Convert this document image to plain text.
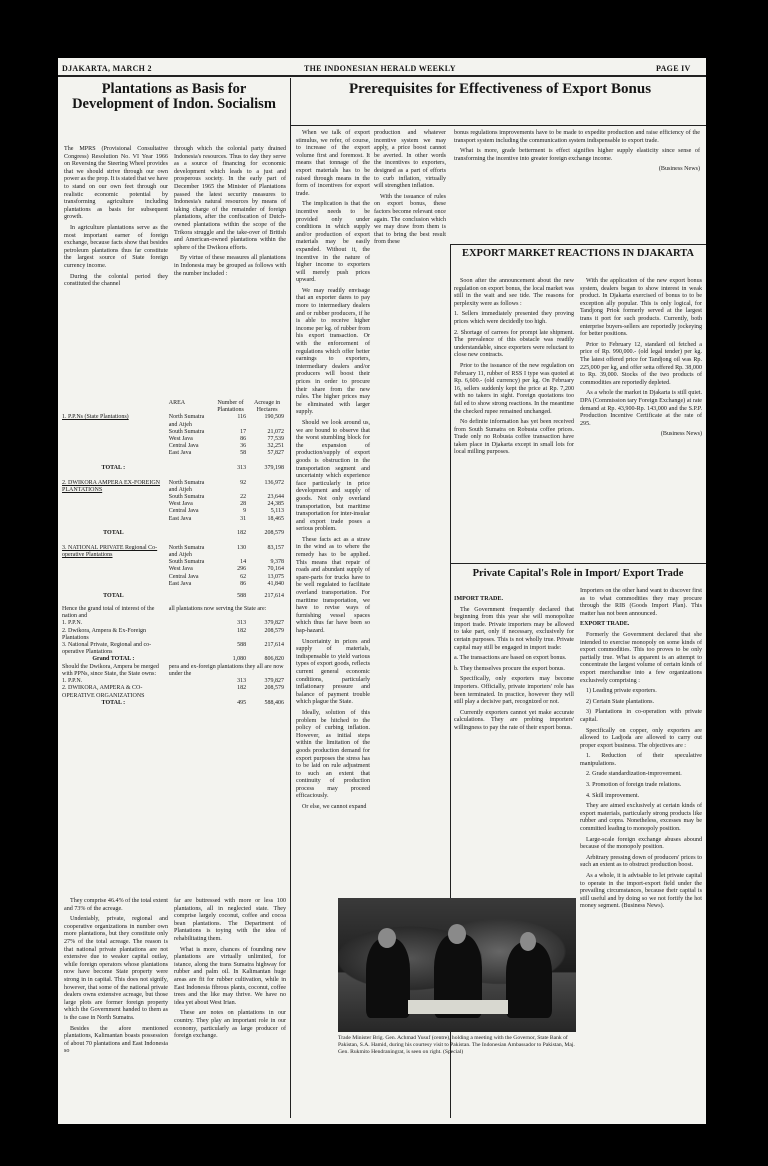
DJAKARTA, MARCH 2	THE INDONESIAN HERALD WEEKLY	PAGE IV
Plantations as Basis for Development of Indon. Socialism

The MPRS (Provisional Consultative Congress) Resolution No. VI Year 1966 on Reversing the Steering Wheel provides that we should strive through our own power as the prop. It is stated that we have to stand on our own feet through our realistic economic potential by transforming agriculture including plantations as basis for subsequent growth.

In agriculture plantations serve as the most important earner of foreign exchange, because facts show that besides petroleum plantations thus far constitute the largest source of State foreign currency income.

During the colonial period they constituted the channel

through which the colonial party drained Indonesia's resources. Thus to day they serve as a source of financing for economic development which leads to a just and prosperous society. In the early part of December 1965 the Minister of Plantations passed the latest security measures to Indonesia's natural resources by means of taking charge of the remainder of foreign plantations, after the confiscation of Dutch-owned plantations within the scope of the Trikora struggle and the take-over of British and American-owned plantations within the sphere of the Dwikora efforts.

By virtue of these measures all plantations in Indonesia may be grouped as follows with the number included :

	AREA	Number of Plantations	Acreage in Hectares
1. P.P.Ns (State Plantations)	North Sumatra and Atjeh	116	190,509
	South Sumatra	17	21,072
	West Java	86	77,539
	Central Java	36	32,251
	East Java	58	57,827
TOTAL :		313	379,198
2. DWIKORA AMPERA EX-FOREIGN PLANTATIONS	North Sumatra and Atjeh	92	136,972
	South Sumatra	22	23,644
	West Java	28	24,385
	Central Java	9	5,113
	East Java	31	18,465
TOTAL		182	208,579
3. NATIONAL PRIVATE Regional Co-operative Plantations	North Sumatra and Atjeh	130	83,157
	South Sumatra	14	9,378
	West Java	296	70,164
	Central Java	62	13,075
	East Java	86	41,840
TOTAL		588	217,614
Hence the grand total of interest of the nation and	all plantations now serving the State are:		
1. P.P.N.		313	379,827
2. Dwikora, Ampera & Ex-Foreign Plantations		182	208,579
3. National Private, Regional and co-operative Plantations		588	217,614
Grand TOTAL :		1,080	806,820
Should the Dwikora, Ampera be merged with PPNs, since State, the State owns:	pera and ex-foreign plantations they all are now under the		
1. P.P.N.		313	379,827
2. DWIKORA, AMPERA & CO-OPERATIVE ORGANIZATIONS		182	208,579
TOTAL :		495	588,406

They comprise 46.4% of the total extent and 73% of the acreage.

Undeniably, private, regional and cooperative organizations in number own more plantations, but they constitute only 27% of the total acreage. The reason is that national private plantations are not extensive due to weaker capital outlay, while foreign operators whose plantations now have become State property were strong in in capital. This does not signify, however, that some of the national private dealers owns extensive acreage, but those large plots are former foreign property which the Government handed to them as is the case in North Sumatra.

Besides the afore mentioned plantations, Kalimantan boasts possession of about 70 plantations and East Indonesia so

far are buttressed with more or less 100 plantations, all in neglected state. They comprise largely coconut, coffee and cocoa bean plantations. The Department of Plantations is toying with the idea of rehabilitating them.

What is more, chances of founding new plantations are virtually unlimited, for istance, along the trans Sumatra highway for rubber and palm oil. In Kalimantan huge areas are fit for rubber cultivation, while in East Indonesia fibrous plants, coconut, coffee trees and the like may thrive. We have no idea yet about West Irian.

These are notes on plantations in our country. They play an important role in our economy, particularly as large producer of foreign exchange.

Prerequisites for Effectiveness of Export Bonus

When we talk of export stimulus, we refer, of course, to increase of the export volume first and foremost. It means that tonnage of the export materials has to be raised through means in the form of incentives for export trade.

The implication is that the incentive needs to be provided only under conditions in which supply and/or production of export materials may be easily expanded. Without it, the incentive in the nature of higher income to exporters will merely push prices upward.

We may readily envisage that an exporter dares to pay more to intermediary dealers and or rubber producers, if he is able to receive higher income per kg. of rubber from his export transaction. Or with the enforcement of regulations which offer better earnings to exporters, intermediary dealers and/or producers will boost their prices in order to procure their share from the new rules. The higher prices may be eliminated with larger supply.

Should we look around us, we are bound to observe that the worst stumbling block for the expansion of production/supply of export goods is obstruction in the transportation segment and uncertainty which experience face particularly in price development and supply of goods. Not only overland transportation, but maritime transportation for inter-insular and export trade poses a serious problem.

These facts act as a straw in the wind as to where the remedy has to be applied. This means that repair of roads and abundant supply of spare-parts for trucks have to be well regulated to facilitate overland transportation. For maritime transportation, we have to revise ways of furnishing vessel spaces which thus far have been so hap-hazard.

Uncertainty in prices and supply of materials, indispensable to yield various types of export goods, reflects current general economic conditions, particularly inflationary pressure and balance of payment trouble which plague the State.

Ideally, solution of this problem be hitched to the policy of curbing inflation. However, as initial steps within the limitation of the goods production demand for export purposes the stress has to be laid on rule adjustment to such an extent that continuity of production process may proceed efficaciously.

Or else, we cannot expand

production and whatever incentive system we may apply, a price boost cannot be averted. In other words the incentives to exporters, designed as a part of efforts to curb inflation, virtually will strengthen inflation.

With the issuance of rules on export bonus, these factors become relevant once again. The conclusion which we may draw from them is that to bring the best result from these

bonus regulations improvements have to be made to expedite production and raise efficiency of the transport system including the communication system indispensable to export trade.

What is more, grade betterment is effect signifies higher supply elasticity since sense of transforming the incentive into greater foreign exchange income.

(Business News)

EXPORT MARKET REACTIONS IN DJAKARTA

Soon after the announcement about the new regulation on export bonus, the local market was still in the wait and see tide. The reasons for perplexity were as follows :

1. Sellers immediately presented they proving prices which were decidedly too high.

2. Shortage of carrees for prompt late shipment. The prevalence of this obstacle was readily understandable, since exporters were reluctant to close new contracts.

Prior to the issuance of the new regulation on February 11, rubber of RSS I type was quoted at Rp. 6,600.- (old currency) per kg. On February 16, sellers suddenly kept the price at Rp. 7,200 with no takers in sight. Foreign quotations too fail ed to show strong reactions. In the meantime the checked rupee remained unchanged.

No definite information has yet been received from South Sumatra on Robusta coffee prices. Trade only no Robusta coffee transaction have taken place in Djakarta except in small lots for local milling purposes.

With the application of the new export bonus system, dealers began to show interest in weak product. In Djakarta exercised of bonus to to be exception ally popular. This is only logical, for Tandjong Priok formerly served at the largest trans it port for such products. Currently, both enterprise buyers-sellers are reportedly jockeying for better positions.

Prior to February 12, standard oil fetched a price of Rp. 990,000.- (old legal tender) per kg. The latest offered price for Tandjong oil was Rp. 225,000 per kg, and offer setta offered Rp. 38,000 to Rp. 39,000. Stocks of the two products of commodities are reportedly depleted.

As a whole the market in Djakarta is still quiet. DPA (Commission tary Foreign Exchange) at rate demand at Rp. 43,900-Rp. 143,000 and the S.P.P. Production Incentive Certificate at the rate of 295.

(Business News)

Private Capital's Role in Import/ Export Trade

IMPORT TRADE.

The Government frequently declared that beginning from this year she will monopolize import trade. Private importers may be allowed to take part, only if necessary, exclusively for certain purposes. This is not wholly true. Private capital may still be engaged in import trade:

a. The transactions are based on export bonus.

b. They themselves procure the export bonus.

Specifically, only exporters may become importers. Officially, private importers' role has been terminated. In practice, however they will still play a decisive part, recognized or not.

Currently exporters cannot yet make accurate calculations. They are probing importers' willingness to pay the rate of their export bonus.

Importers on the other hand want to discover first as to what commodities they may procure through the RIB (Goods Import Plan). This matter has not been announced.

EXPORT TRADE.

Formerly the Government declared that she intended to exercise monopoly on some kinds of export commodities. This too proves to be only partially true. What is apparent is an attempt to concentrate the largest volume of certain kinds of export merchandise into a few organizations exclusively comprising :

1) Leading private exporters.

2) Certain State plantations.

3) Plantations in co-operation with private capital.

Specifically on copper, only exporters are allowed to Ladjoda are allowed to carry out proper export business. The objectives are :

1. Reduction of their speculative manipulations.

2. Grade standardization-improvement.

3. Promotion of foreign trade relations.

4. Skill improvement.

They are aimed exclusively at certain kinds of export materials, particularly strong products like rubber and copra. Nonetheless, excesses may be committed leading to monopoly position.

Large-scale foreign exchange abuses abound because of the monopoly position.

Arbitrary pressing down of producers' prices to such an extent as to obstruct production boost.

As a whole, it is advisable to let private capital to operate in the import-export field under the prevailing circumstances, because their capital is still useful and by doing so we not fortify the hot money segment. (Business News).

Trade Minister Brig. Gen. Achmad Yusuf (centre), holding a meeting with the Governor, State Bank of Pakistan, S.A. Hamid, during his courtesy visit to Pakistan. The Indonesian Ambassador to Pakistan, Maj. Gen. Rukmito Hendraningrat, is seen on right. (Special)
